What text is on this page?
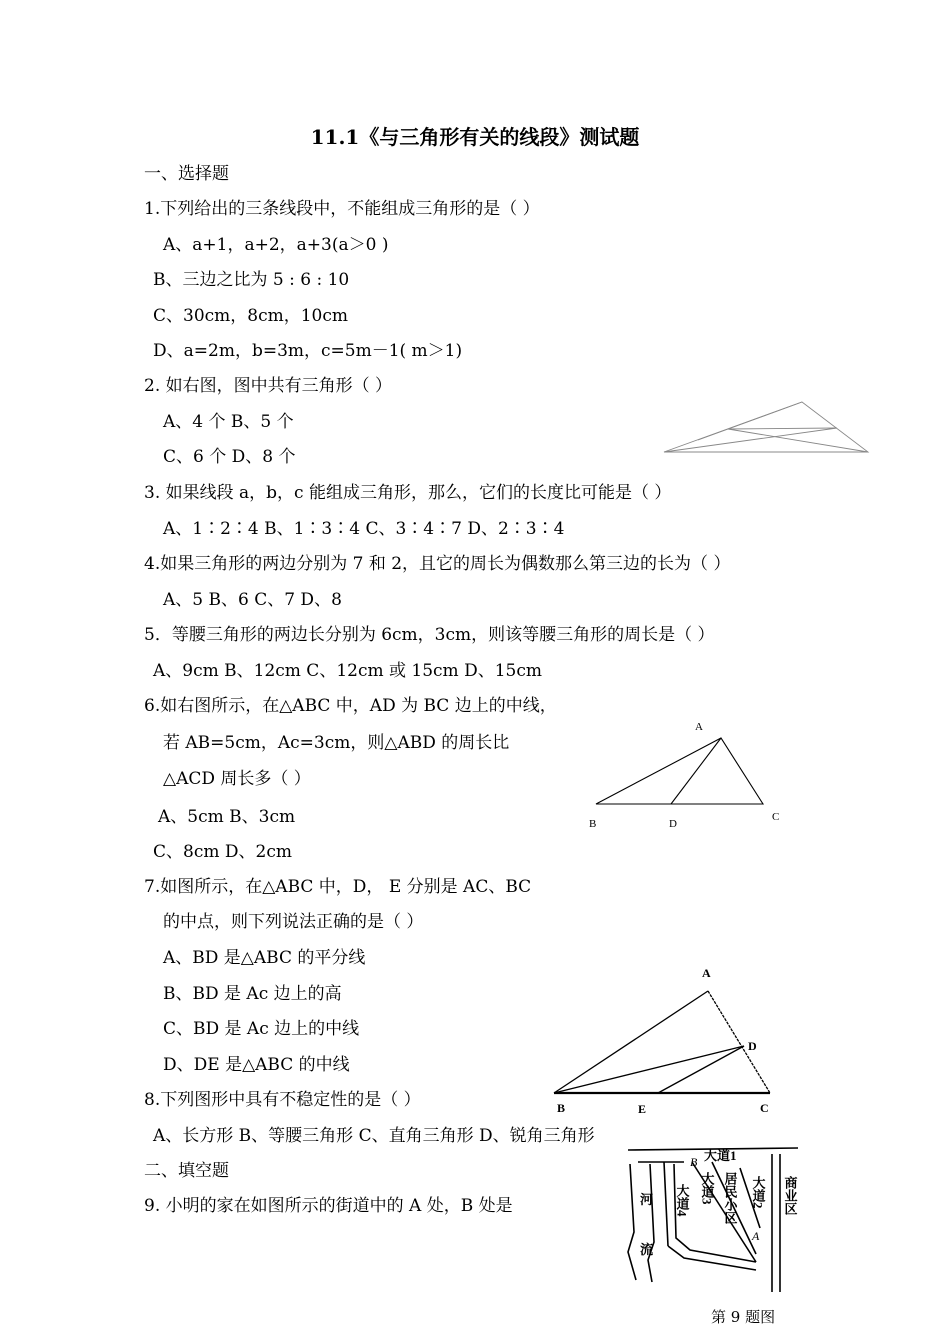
11.1《与三角形有关的线段》测试题
一、选择题
1.下列给出的三条线段中，不能组成三角形的是（ ）
A、a+1，a+2，a+3(a＞0 )
B、三边之比为 5 : 6 : 10
C、30cm，8cm，10cm
D、a=2m，b=3m，c=5m－1( m＞1)
2. 如右图，图中共有三角形（ ）
A、4 个 B、5 个
C、6 个 D、8 个
3. 如果线段 a，b，c 能组成三角形，那么，它们的长度比可能是（ ）
A、1∶2∶4 B、1∶3∶4 C、3∶4∶7 D、2∶3∶4
4.如果三角形的两边分别为 7 和 2，且它的周长为偶数那么第三边的长为（ ）
A、5 B、6 C、7 D、8
5．等腰三角形的两边长分别为 6cm，3cm，则该等腰三角形的周长是（ ）
A、9cm B、12cm C、12cm 或 15cm D、15cm
6.如右图所示，在△ABC 中，AD 为 BC 边上的中线，
若 AB=5cm，Ac=3cm，则△ABD 的周长比
△ACD 周长多（ ）
A、5cm B、3cm
C、8cm D、2cm
A
B	D
C
7.如图所示，在△ABC 中，D， E 分别是 AC、BC
的中点，则下列说法正确的是（ ）
A、BD 是△ABC 的平分线
B、BD 是 Ac 边上的高
C、BD 是 Ac 边上的中线
D、DE 是△ABC 的中线
A
D
B	E	C
8.下列图形中具有不稳定性的是（ ）
A、长方形 B、等腰三角形 C、直角三角形 D、锐角三角形
二、填空题
9. 小明的家在如图所示的街道中的 A 处，B 处是
大道1
大道2
大道3
大道4	居民小区	商业区
河
流
B
A
第 9 题图
